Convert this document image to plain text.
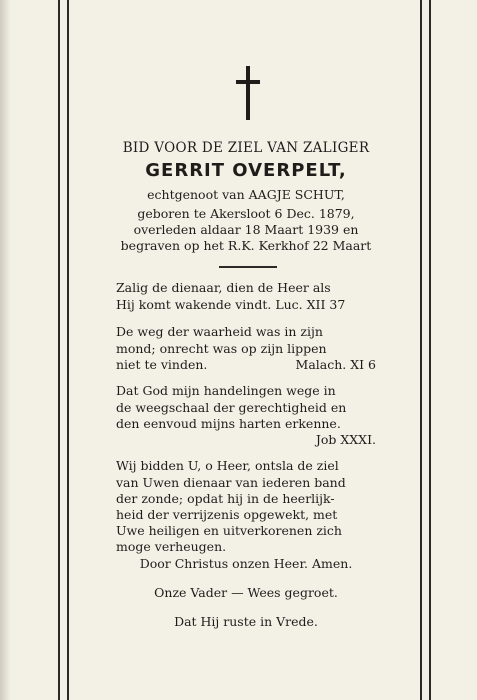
BID VOOR DE ZIEL VAN ZALIGER

GERRIT OVERPELT,

echtgenoot van AAGJE SCHUT,

geboren te Akersloot 6 Dec. 1879,

overleden aldaar 18 Maart 1939 en

begraven op het R.K. Kerkhof 22 Maart

Zalig de dienaar, dien de Heer als

Hij komt wakende vindt. Luc. XII 37

De weg der waarheid was in zijn

mond; onrecht was op zijn lippen

niet te vinden.	Malach. XI 6

Dat God mijn handelingen wege in

de weegschaal der gerechtigheid en

den eenvoud mijns harten erkenne.

Job XXXI.

Wij bidden U, o Heer, ontsla de ziel

van Uwen dienaar van iederen band

der zonde; opdat hij in de heerlijk-

heid der verrijzenis opgewekt, met

Uwe heiligen en uitverkorenen zich

moge verheugen.

Door Christus onzen Heer. Amen.

Onze Vader — Wees gegroet.

Dat Hij ruste in Vrede.
